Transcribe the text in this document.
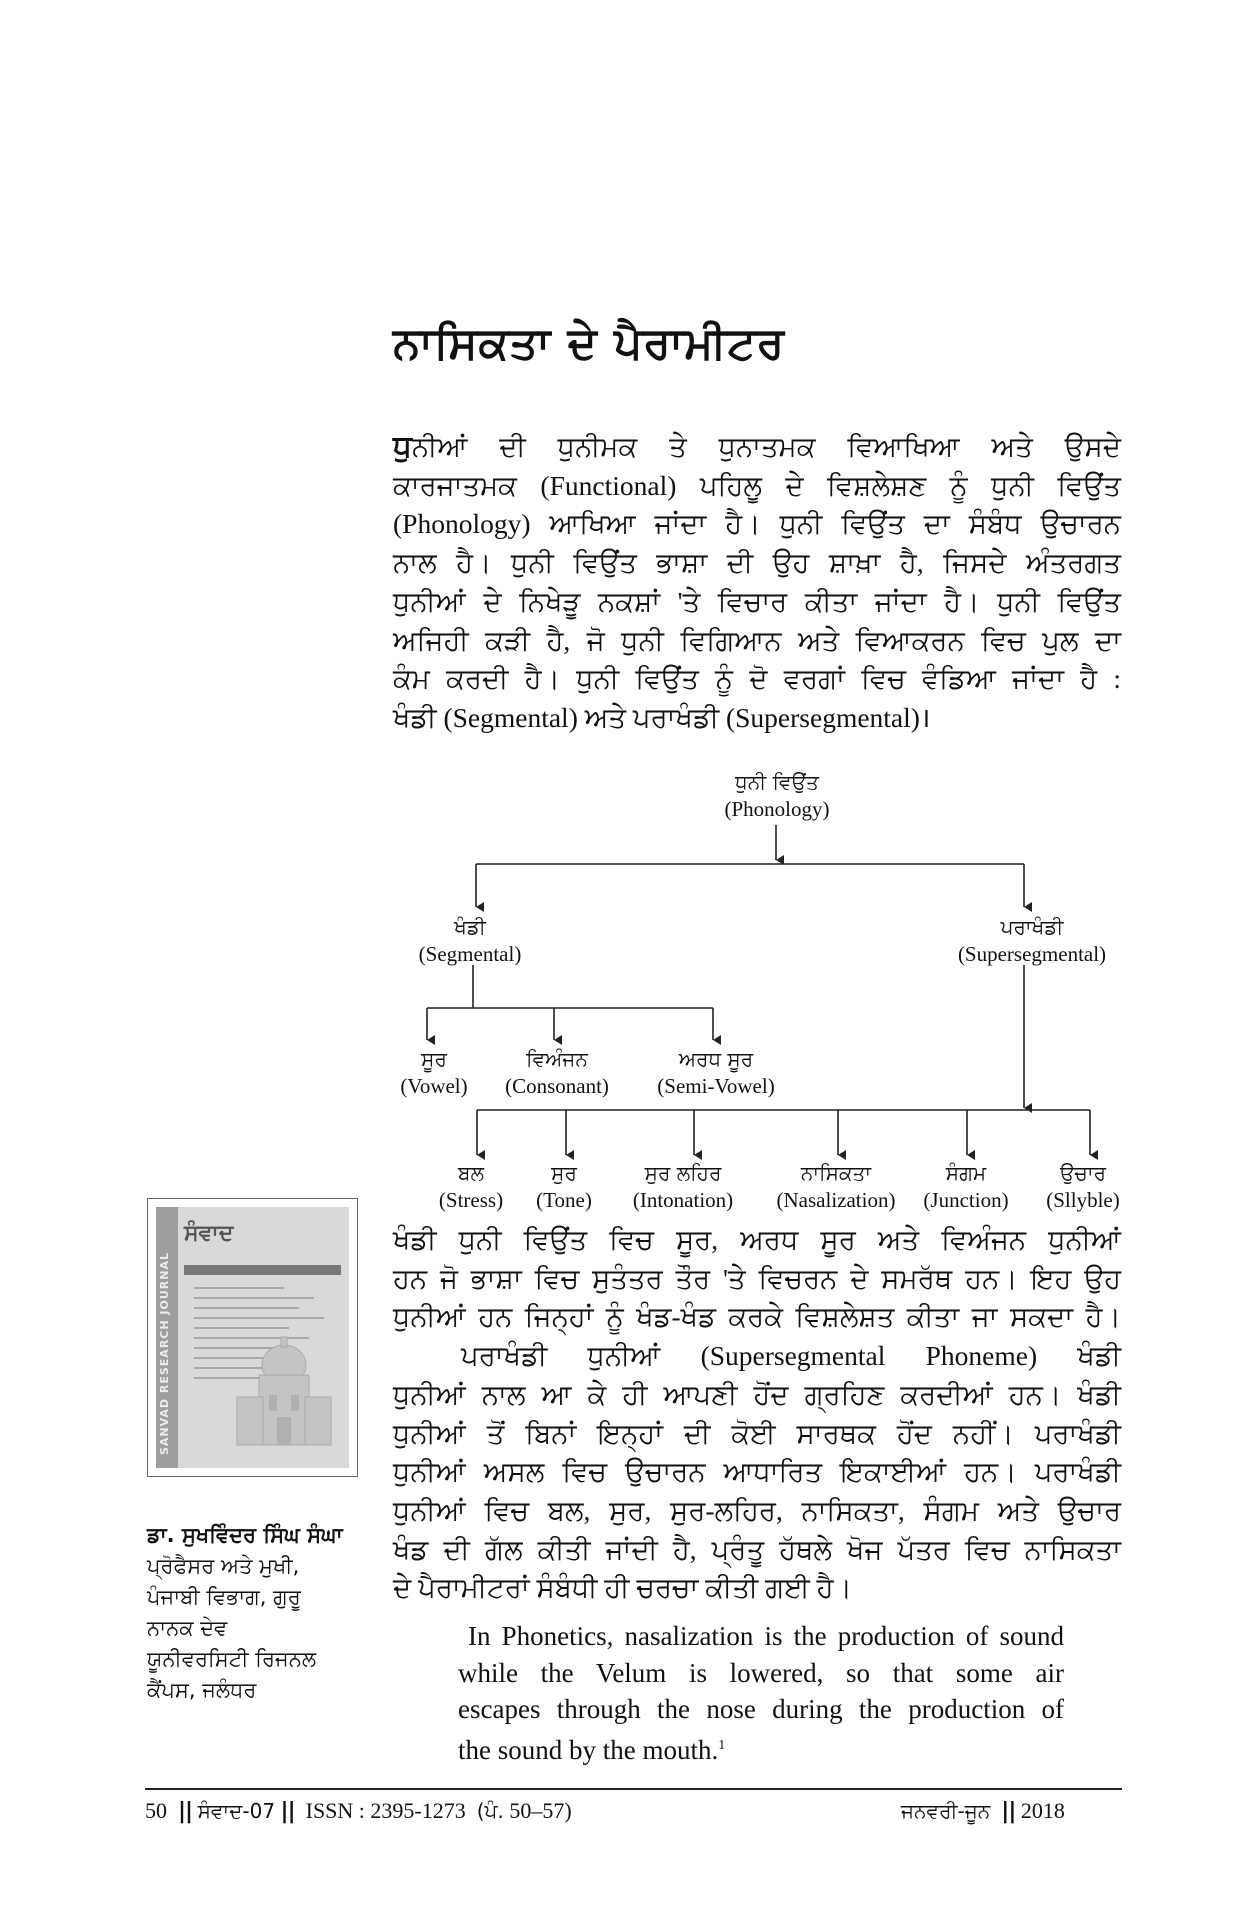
ਨਾਸਿਕਤਾ ਦੇ ਪੈਰਾਮੀਟਰ
ਧੁਨੀਆਂ ਦੀ ਧੁਨੀਮਕ ਤੇ ਧੁਨਾਤਮਕ ਵਿਆਖਿਆ ਅਤੇ ਉਸਦੇ
ਕਾਰਜਾਤਮਕ (Functional) ਪਹਿਲੂ ਦੇ ਵਿਸ਼ਲੇਸ਼ਣ ਨੂੰ ਧੁਨੀ ਵਿਉਂਤ
(Phonology) ਆਖਿਆ ਜਾਂਦਾ ਹੈ। ਧੁਨੀ ਵਿਉਂਤ ਦਾ ਸੰਬੰਧ ਉਚਾਰਨ
ਨਾਲ ਹੈ। ਧੁਨੀ ਵਿਉਂਤ ਭਾਸ਼ਾ ਦੀ ਉਹ ਸ਼ਾਖ਼ਾ ਹੈ, ਜਿਸਦੇ ਅੰਤਰਗਤ
ਧੁਨੀਆਂ ਦੇ ਨਿਖੇੜੂ ਨਕਸ਼ਾਂ 'ਤੇ ਵਿਚਾਰ ਕੀਤਾ ਜਾਂਦਾ ਹੈ। ਧੁਨੀ ਵਿਉਂਤ
ਅਜਿਹੀ ਕੜੀ ਹੈ, ਜੋ ਧੁਨੀ ਵਿਗਿਆਨ ਅਤੇ ਵਿਆਕਰਨ ਵਿਚ ਪੁਲ ਦਾ
ਕੰਮ ਕਰਦੀ ਹੈ। ਧੁਨੀ ਵਿਉਂਤ ਨੂੰ ਦੋ ਵਰਗਾਂ ਵਿਚ ਵੰਡਿਆ ਜਾਂਦਾ ਹੈ :
ਖੰਡੀ (Segmental) ਅਤੇ ਪਰਾਖੰਡੀ (Supersegmental)।
ਧੁਨੀ ਵਿਉਂਤ
(Phonology)
ਖੰਡੀ
(Segmental)
ਪਰਾਖੰਡੀ
(Supersegmental)
ਸੂਰ
(Vowel)
ਵਿਅੰਜਨ
(Consonant)
ਅਰਧ ਸੂਰ
(Semi-Vowel)
ਬਲ
(Stress)
ਸੁਰ
(Tone)
ਸੁਰ ਲਹਿਰ
(Intonation)
ਨਾਸਿਕਤਾ
(Nasalization)
ਸੰਗਮ
(Junction)
ਉਚਾਰ
(Sllyble)
SANVAD RESEARCH JOURNAL
ਸੰਵਾਦ
ਡਾ. ਸੁਖਵਿੰਦਰ ਸਿੰਘ ਸੰਘਾ
ਪ੍ਰੋਫੈਸਰ ਅਤੇ ਮੁਖੀ,
ਪੰਜਾਬੀ ਵਿਭਾਗ, ਗੁਰੂ
ਨਾਨਕ ਦੇਵ
ਯੂਨੀਵਰਸਿਟੀ ਰਿਜਨਲ
ਕੈਂਪਸ, ਜਲੰਧਰ
ਖੰਡੀ ਧੁਨੀ ਵਿਉਂਤ ਵਿਚ ਸੂਰ, ਅਰਧ ਸੂਰ ਅਤੇ ਵਿਅੰਜਨ ਧੁਨੀਆਂ
ਹਨ ਜੋ ਭਾਸ਼ਾ ਵਿਚ ਸੁਤੰਤਰ ਤੌਰ 'ਤੇ ਵਿਚਰਨ ਦੇ ਸਮਰੱਥ ਹਨ। ਇਹ ਉਹ
ਧੁਨੀਆਂ ਹਨ ਜਿਨ੍ਹਾਂ ਨੂੰ ਖੰਡ-ਖੰਡ ਕਰਕੇ ਵਿਸ਼ਲੇਸ਼ਤ ਕੀਤਾ ਜਾ ਸਕਦਾ ਹੈ।
ਪਰਾਖੰਡੀ ਧੁਨੀਆਂ (Supersegmental Phoneme) ਖੰਡੀ
ਧੁਨੀਆਂ ਨਾਲ ਆ ਕੇ ਹੀ ਆਪਣੀ ਹੋਂਦ ਗ੍ਰਹਿਣ ਕਰਦੀਆਂ ਹਨ। ਖੰਡੀ
ਧੁਨੀਆਂ ਤੋਂ ਬਿਨਾਂ ਇਨ੍ਹਾਂ ਦੀ ਕੋਈ ਸਾਰਥਕ ਹੋਂਦ ਨਹੀਂ। ਪਰਾਖੰਡੀ
ਧੁਨੀਆਂ ਅਸਲ ਵਿਚ ਉਚਾਰਨ ਆਧਾਰਿਤ ਇਕਾਈਆਂ ਹਨ। ਪਰਾਖੰਡੀ
ਧੁਨੀਆਂ ਵਿਚ ਬਲ, ਸੁਰ, ਸੁਰ-ਲਹਿਰ, ਨਾਸਿਕਤਾ, ਸੰਗਮ ਅਤੇ ਉਚਾਰ
ਖੰਡ ਦੀ ਗੱਲ ਕੀਤੀ ਜਾਂਦੀ ਹੈ, ਪ੍ਰੰਤੂ ਹੱਥਲੇ ਖੋਜ ਪੱਤਰ ਵਿਚ ਨਾਸਿਕਤਾ
ਦੇ ਪੈਰਾਮੀਟਰਾਂ ਸੰਬੰਧੀ ਹੀ ਚਰਚਾ ਕੀਤੀ ਗਈ ਹੈ।
In Phonetics, nasalization is the production of sound
while the Velum is lowered, so that some air
escapes through the nose during the production of
the sound by the mouth.$^1$
50 || ਸੰਵਾਦ-07 || ISSN : 2395-1273 (ਪੰ. 50–57)	ਜਨਵਰੀ-ਜੂਨ || 2018
